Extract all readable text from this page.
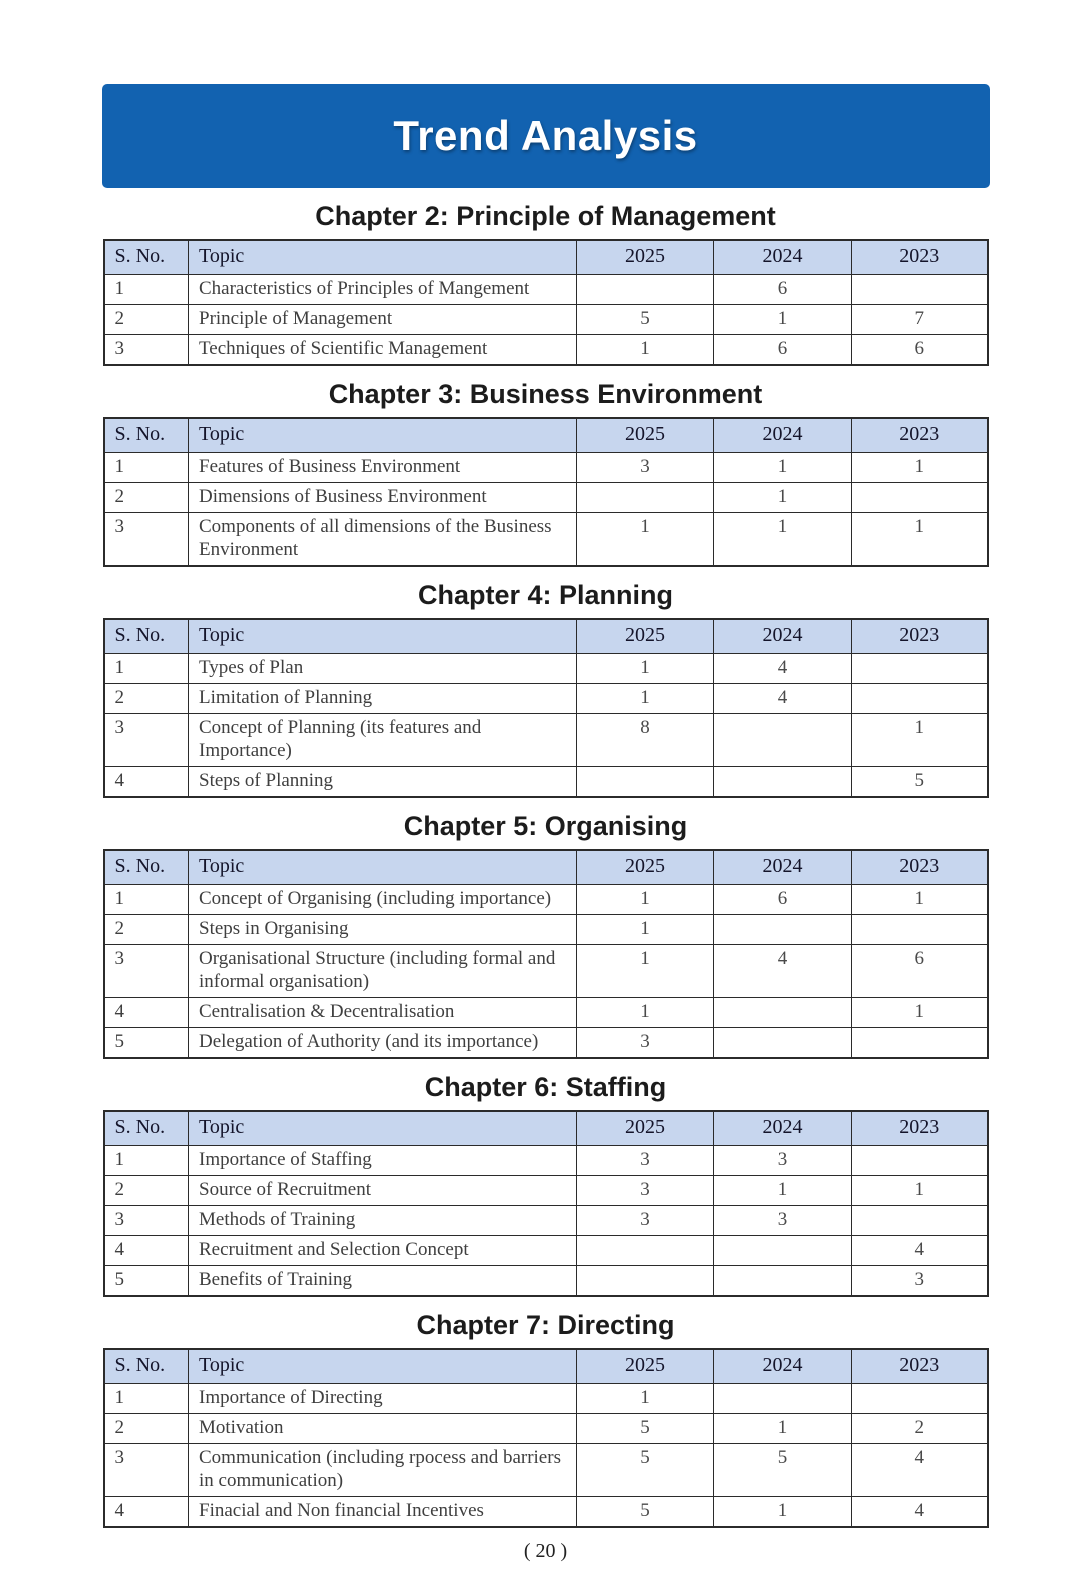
Trend Analysis
Chapter 2: Principle of Management
S. No.	Topic	2025	2024	2023
1	Characteristics of Principles of Mangement		6	
2	Principle of Management	5	1	7
3	Techniques of Scientific Management	1	6	6
Chapter 3: Business Environment
S. No.	Topic	2025	2024	2023
1	Features of Business Environment	3	1	1
2	Dimensions of Business Environment		1	
3	Components of all dimensions of the Business Environment	1	1	1
Chapter 4: Planning
S. No.	Topic	2025	2024	2023
1	Types of Plan	1	4	
2	Limitation of Planning	1	4	
3	Concept of Planning (its features and Importance)	8		1
4	Steps of Planning			5
Chapter 5: Organising
S. No.	Topic	2025	2024	2023
1	Concept of Organising (including importance)	1	6	1
2	Steps in Organising	1		
3	Organisational Structure (including formal and informal organisation)	1	4	6
4	Centralisation & Decentralisation	1		1
5	Delegation of Authority (and its importance)	3		
Chapter 6: Staffing
S. No.	Topic	2025	2024	2023
1	Importance of Staffing	3	3	
2	Source of Recruitment	3	1	1
3	Methods of Training	3	3	
4	Recruitment and Selection Concept			4
5	Benefits of Training			3
Chapter 7: Directing
S. No.	Topic	2025	2024	2023
1	Importance of Directing	1		
2	Motivation	5	1	2
3	Communication (including rpocess and barriers in communication)	5	5	4
4	Finacial and Non financial Incentives	5	1	4
( 20 )
